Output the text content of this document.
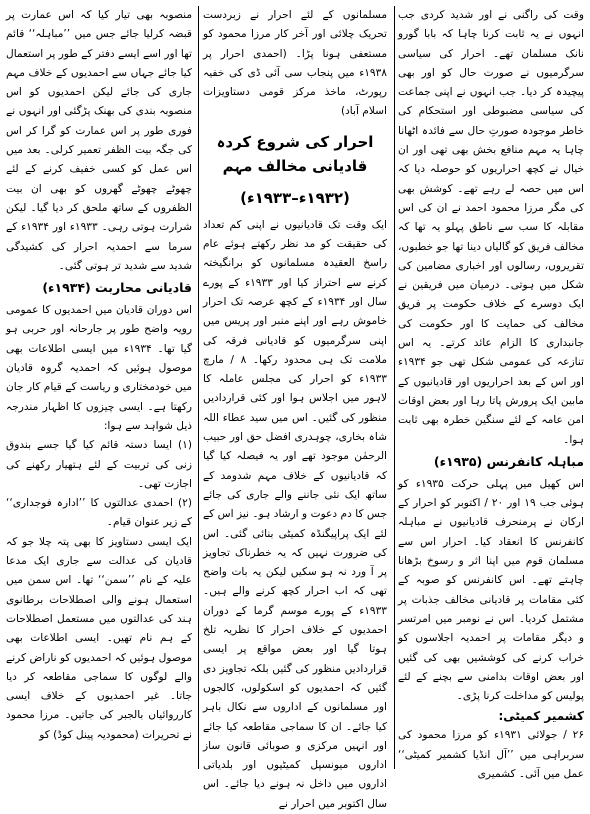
وقت کی راگنی نے اور شدید کردی جب انہوں نے یہ ثابت کرنا چاہا کہ بابا گورو نانک مسلمان تھے۔ احرار کی سیاسی سرگرمیوں نے صورت حال کو اور بھی پیچیدہ کر دیا۔ جب انہوں نے اپنی جماعت کی سیاسی مضبوطی اور استحکام کی خاطر موجودہ صورتِ حال سے فائدہ اٹھانا چاہا یہ مہم منافع بخش بھی تھی اور ان خیال نے کچھ احراریوں کو حوصلہ دیا کہ اس میں حصہ لے رہے تھے۔ کوشش بھی کی مگر مرزا محمود احمد نے ان کی اس مقابلہ کا سب سے ناطق پہلو یہ تھا کہ مخالف فریق کو گالیاں دینا تھا جو خطبوں، تقریروں، رسالوں اور اخباری مضامین کی شکل میں ہوتی۔ درمیان میں فریقین نے ایک دوسرے کے خلاف حکومت پر فریق مخالف کی حمایت کا اور حکومت کی جانبداری کا الزام عائد کرتے۔ یہ اس تنازعہ کی عمومی شکل تھی جو ۱۹۳۴ء اور اس کے بعد احراریوں اور قادیانیوں کے مابین ایک پرورش پاتا رہا اور بعض اوقات امن عامہ کے لئے سنگین خطرہ بھی ثابت ہوا۔

مباہلہ کانفرنس (۱۹۳۵ء)

اس کھیل میں پہلی حرکت ۱۹۳۵ء کو ہوئی جب ۱۹ اور ۲۰ / اکتوبر کو احرار کے ارکان نے پرمنحرف قادیانیوں نے مباہلہ کانفرنس کا انعقاد کیا۔ احرار اس سے مسلمان قوم میں اپنا اثر و رسوخ بڑھانا چاہتے تھے۔ اس کانفرنس کو صوبہ کے کئی مقامات پر قادیانی مخالف جذبات پر مشتمل کردیا۔ اس نے نومبر میں امرتسر و دیگر مقامات پر احمدیہ اجلاسوں کو خراب کرنے کی کوششیں بھی کی گئیں اور بعض اوقات بدامنی سے بچنے کے لئے پولیس کو مداخلت کرنا پڑی۔

کشمیر کمیٹی:

۲۶ / جولائی ۱۹۳۱ء کو مرزا محمود کی سربراہی میں ’’آل انڈیا کشمیر کمیٹی‘‘ عمل میں آئی۔ کشمیری

مسلمانوں کے لئے احرار نے زبردست تحریک چلائی اور آخر کار مرزا محمود کو مستعفی ہونا پڑا۔ (احمدی احرار پر ۱۹۳۸ء میں پنجاب سی آئی ڈی کی خفیہ رپورٹ، ماخذ مرکز قومی دستاویزات اسلام آباد)

احرار کی شروع کردہ قادیانی مخالف مہم

(۱۹۳۲ء–۱۹۳۳ء)

ایک وقت تک قادیانیوں نے اپنی کم تعداد کی حقیقت کو مد نظر رکھتے ہوئے عام راسخ العقیدہ مسلمانوں کو برانگیختہ کرنے سے احتراز کیا اور ۱۹۳۳ء کے پورے سال اور ۱۹۳۴ء کے کچھ عرصہ تک احرار خاموش رہے اور اپنے منبر اور پریس میں اپنی سرگرمیوں کو قادیانی فرقہ کی ملامت تک ہی محدود رکھا۔ ۸ / مارچ ۱۹۳۳ء کو احرار کی مجلس عاملہ کا لاہور میں اجلاس ہوا اور کئی قراردادیں منظور کی گئیں۔ اس میں سید عطاء اللہ شاہ بخاری، چوہدری افضل حق اور حبیب الرحمٰن موجود تھے اور یہ فیصلہ کیا گیا کہ قادیانیوں کے خلاف مہم شدومد کے ساتھ ایک نئی جاننے والے جاری کی جائے جس کا دم دعوت و ارشاد ہو۔ نیز اس کے لئے ایک پراپیگنڈہ کمیٹی بنائی گئی۔ اس کی ضرورت نہیں کہ یہ خطرناک تجاویز پر آ ورد نہ ہو سکیں لیکن یہ بات واضح تھی کہ اب احرار کچھ کرنے والے ہیں۔ ۱۹۳۳ء کے پورے موسم گرما کے دوران احمدیوں کے خلاف احرار کا نظریہ تلخ ہوتا گیا اور بعض مواقع پر ایسی قراردادیں منظور کی گئیں بلکہ تجاویز دی گئیں کہ احمدیوں کو اسکولوں، کالجوں اور مسلمانوں کے اداروں سے نکال باہر کیا جائے۔ ان کا سماجی مقاطعہ کیا جائے اور انہیں مرکزی و صوبائی قانون ساز اداروں میونسپل کمیٹیوں اور بلدیاتی اداروں میں داخل نہ ہونے دیا جائے۔ اس سال اکتوبر میں احرار نے

منصوبہ بھی تیار کیا کہ اس عمارت پر قبضہ کرلیا جائے جس میں ’’مباہلہ‘‘ قائم تھا اور اسے ایسے دفتر کے طور پر استعمال کیا جائے جہاں سے احمدیوں کے خلاف مہم جاری کی جائے لیکن احمدیوں کو اس منصوبہ بندی کی بھنک پڑگئی اور انہوں نے فوری طور پر اس عمارت کو گرا کر اس کی جگہ بیت الظفر تعمیر کرلی۔ بعد میں اس عمل کو کسی خفیف کرنے کے لئے چھوٹے چھوٹے گھروں کو بھی ان بیت الظفروں کے ساتھ ملحق کر دیا گیا۔ لیکن شرارت ہوتی رہی۔ ۱۹۳۳ء اور ۱۹۳۴ء کے سرما سے احمدیہ احرار کی کشیدگی شدید سے شدید تر ہوتی گئی۔

قادیانی محاربت (۱۹۳۴ء)

اس دوران قادیان میں احمدیوں کا عمومی رویہ واضح طور پر جارحانہ اور حربی ہو گیا تھا۔ ۱۹۳۴ء میں ایسی اطلاعات بھی موصول ہوئیں کہ احمدیہ گروہ قادیان میں خودمختاری و ریاست کے قیام کار جان رکھتا ہے۔ ایسی چیزوں کا اظہار مندرجہ ذیل شواہد سے ہوا:

(۱) ایسا دستہ قائم کیا گیا جسے بندوق زنی کی تربیت کے لئے ہتھیار رکھنے کی اجازت تھی۔

(۲) احمدی عدالتوں کا ’’ادارہ فوجداری‘‘ کے زیر عنوان قیام۔

ایک ایسی دستاویز کا بھی پتہ چلا جو کہ قادیان کی عدالت سے جاری ایک مدعا علیہ کے نام ’’سمن‘‘ تھا۔ اس سمن میں استعمال ہونے والی اصطلاحات برطانوی ہند کی عدالتوں میں مستعمل اصطلاحات کے ہم نام تھیں۔ ایسی اطلاعات بھی موصول ہوئیں کہ احمدیوں کو ناراض کرنے والے لوگوں کا سماجی مقاطعہ کر دیا جاتا۔ غیر احمدیوں کے خلاف ایسی کارروائیاں بالجبر کی جاتیں۔ مرزا محمود نے تحریرات (محمودیہ پینل کوڈ) کو
